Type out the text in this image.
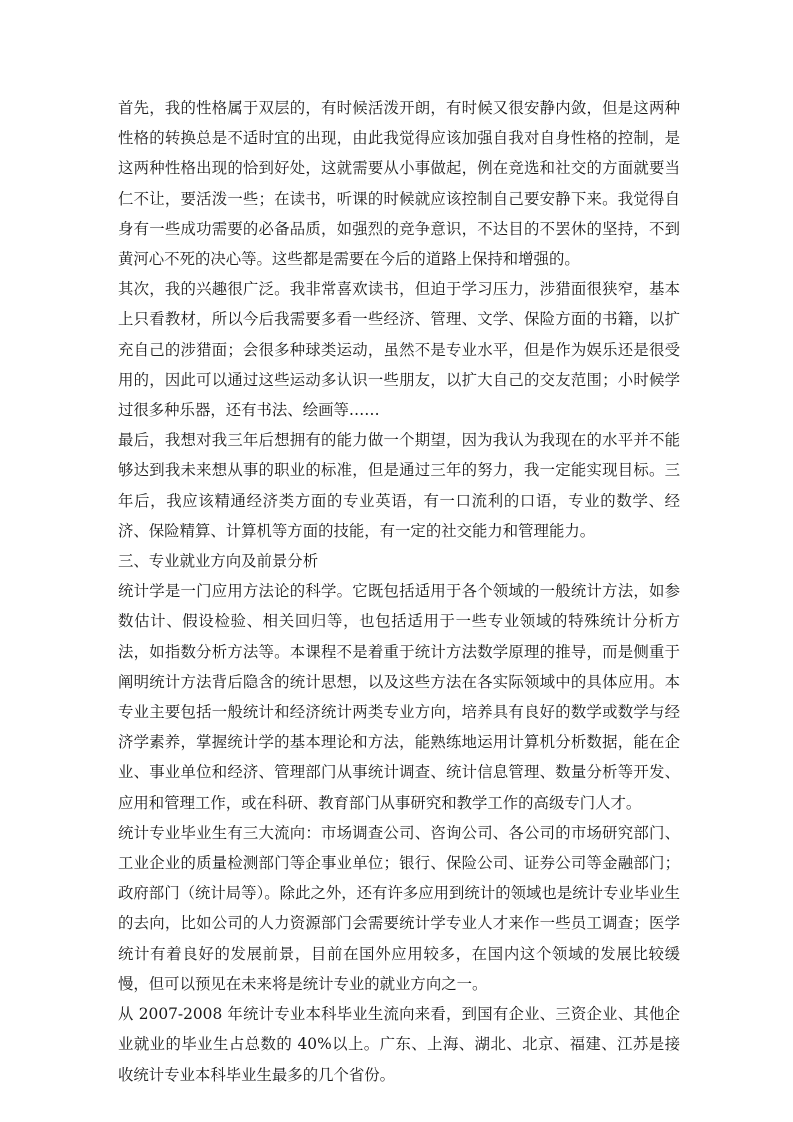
首先，我的性格属于双层的，有时候活泼开朗，有时候又很安静内敛，但是这两种性格的转换总是不适时宜的出现，由此我觉得应该加强自我对自身性格的控制，是这两种性格出现的恰到好处，这就需要从小事做起，例在竞选和社交的方面就要当仁不让，要活泼一些；在读书，听课的时候就应该控制自己要安静下来。我觉得自身有一些成功需要的必备品质，如强烈的竞争意识，不达目的不罢休的坚持，不到黄河心不死的决心等。这些都是需要在今后的道路上保持和增强的。

其次，我的兴趣很广泛。我非常喜欢读书，但迫于学习压力，涉猎面很狭窄，基本上只看教材，所以今后我需要多看一些经济、管理、文学、保险方面的书籍，以扩充自己的涉猎面；会很多种球类运动，虽然不是专业水平，但是作为娱乐还是很受用的，因此可以通过这些运动多认识一些朋友，以扩大自己的交友范围；小时候学过很多种乐器，还有书法、绘画等……

最后，我想对我三年后想拥有的能力做一个期望，因为我认为我现在的水平并不能够达到我未来想从事的职业的标准，但是通过三年的努力，我一定能实现目标。三年后，我应该精通经济类方面的专业英语，有一口流利的口语，专业的数学、经济、保险精算、计算机等方面的技能，有一定的社交能力和管理能力。

三、专业就业方向及前景分析

统计学是一门应用方法论的科学。它既包括适用于各个领域的一般统计方法，如参数估计、假设检验、相关回归等，也包括适用于一些专业领域的特殊统计分析方法，如指数分析方法等。本课程不是着重于统计方法数学原理的推导，而是侧重于阐明统计方法背后隐含的统计思想，以及这些方法在各实际领域中的具体应用。本专业主要包括一般统计和经济统计两类专业方向，培养具有良好的数学或数学与经济学素养，掌握统计学的基本理论和方法，能熟练地运用计算机分析数据，能在企业、事业单位和经济、管理部门从事统计调查、统计信息管理、数量分析等开发、应用和管理工作，或在科研、教育部门从事研究和教学工作的高级专门人才。

统计专业毕业生有三大流向：市场调查公司、咨询公司、各公司的市场研究部门、工业企业的质量检测部门等企事业单位；银行、保险公司、证券公司等金融部门；政府部门（统计局等）。除此之外，还有许多应用到统计的领域也是统计专业毕业生的去向，比如公司的人力资源部门会需要统计学专业人才来作一些员工调查；医学统计有着良好的发展前景，目前在国外应用较多，在国内这个领域的发展比较缓慢，但可以预见在未来将是统计专业的就业方向之一。

从 2007-2008 年统计专业本科毕业生流向来看，到国有企业、三资企业、其他企业就业的毕业生占总数的 40%以上。广东、上海、湖北、北京、福建、江苏是接收统计专业本科毕业生最多的几个省份。
